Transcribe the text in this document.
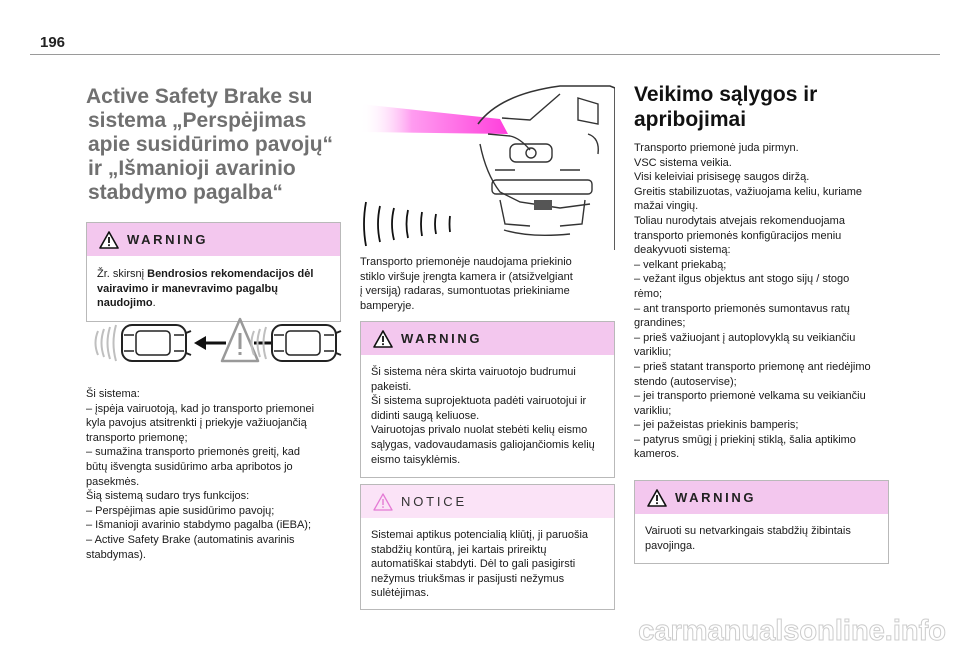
196
Active Safety Brake su
sistema „Perspėjimas
apie susidūrimo pavojų“
ir „Išmanioji avarinio
stabdymo pagalba“
WARNING

Žr. skirsnį Bendrosios rekomendacijos dėl
vairavimo ir manevravimo pagalbų
naudojimo.

Ši sistema:
– įspėja vairuotoją, kad jo transporto priemonei
kyla pavojus atsitrenkti į priekyje važiuojančią
transporto priemonę;
– sumažina transporto priemonės greitį, kad
būtų išvengta susidūrimo arba apribotos jo
pasekmės.
Šią sistemą sudaro trys funkcijos:
– Perspėjimas apie susidūrimo pavojų;
– Išmanioji avarinio stabdymo pagalba (iEBA);
– Active Safety Brake (automatinis avarinis
stabdymas).

Transporto priemonėje naudojama priekinio
stiklo viršuje įrengta kamera ir (atsižvelgiant
į versiją) radaras, sumontuotas priekiniame
bamperyje.

WARNING

Ši sistema nėra skirta vairuotojo budrumui
pakeisti.
Ši sistema suprojektuota padėti vairuotojui ir
didinti saugą keliuose.
Vairuotojas privalo nuolat stebėti kelių eismo
sąlygas, vadovaudamasis galiojančiomis kelių
eismo taisyklėmis.

NOTICE

Sistemai aptikus potencialią kliūtį, ji paruošia
stabdžių kontūrą, jei kartais prireiktų
automatiškai stabdyti. Dėl to gali pasigirsti
nežymus triukšmas ir pasijusti nežymus
sulėtėjimas.

Veikimo sąlygos ir
apribojimai

Transporto priemonė juda pirmyn.
VSC sistema veikia.
Visi keleiviai prisisegę saugos diržą.
Greitis stabilizuotas, važiuojama keliu, kuriame
mažai vingių.
Toliau nurodytais atvejais rekomenduojama
transporto priemonės konfigūracijos meniu
deakyvuoti sistemą:
– velkant priekabą;
– vežant ilgus objektus ant stogo sijų / stogo
rėmo;
– ant transporto priemonės sumontavus ratų
grandines;
– prieš važiuojant į autoplovyklą su veikiančiu
varikliu;
– prieš statant transporto priemonę ant riedėjimo
stendo (autoservise);
– jei transporto priemonė velkama su veikiančiu
varikliu;
– jei pažeistas priekinis bamperis;
– patyrus smūgį į priekinį stiklą, šalia aptikimo
kameros.

WARNING

Vairuoti su netvarkingais stabdžių žibintais
pavojinga.

carmanualsonline.info
